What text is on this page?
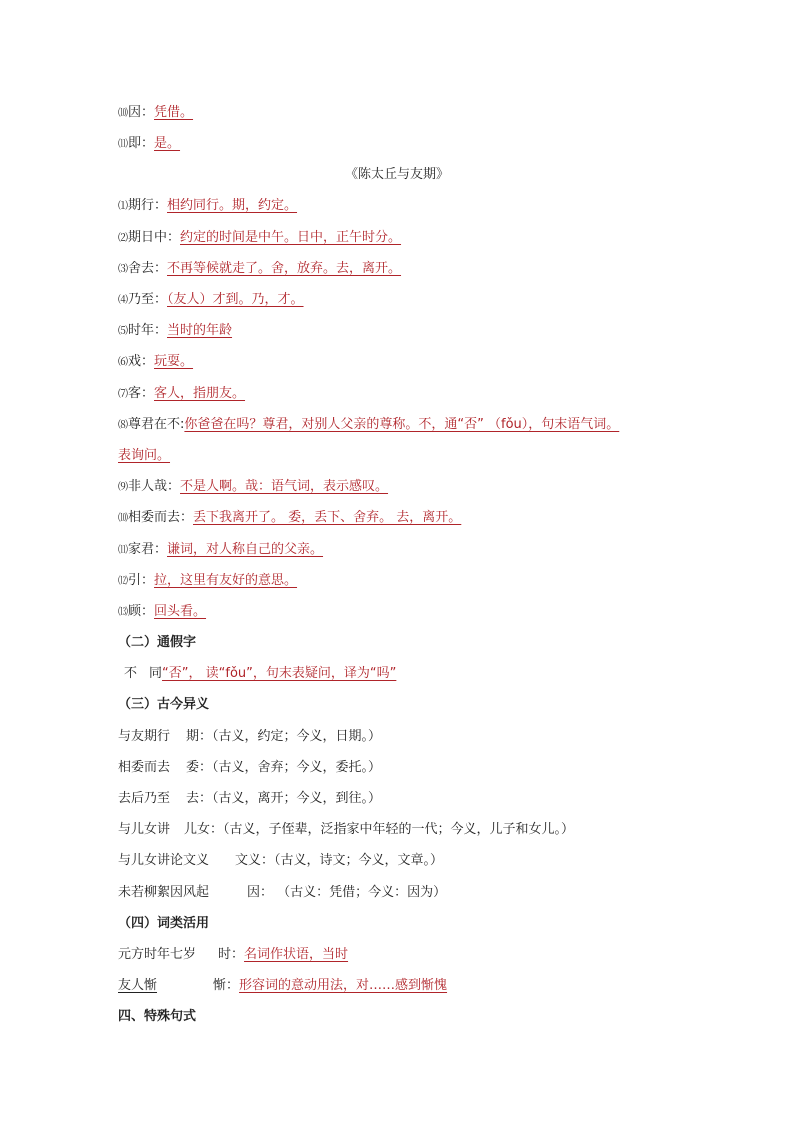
⑽因：凭借。
⑾即：是。
《陈太丘与友期》
⑴期行：相约同行。期，约定。
⑵期日中：约定的时间是中午。日中，正午时分。
⑶舍去：不再等候就走了。舍，放弃。去，离开。
⑷乃至：（友人）才到。乃，才。
⑸时年：当时的年龄
⑹戏：玩耍。
⑺客：客人，指朋友。
⑻尊君在不:你爸爸在吗？尊君，对别人父亲的尊称。不，通“否” （fǒu），句末语气词。
表询问。
⑼非人哉：不是人啊。哉：语气词，表示感叹。
⑽相委而去：丢下我离开了。 委，丢下、舍弃。 去，离开。
⑾家君：谦词，对人称自己的父亲。
⑿引：拉，这里有友好的意思。
⒀顾：回头看。
（二）通假字
不 同“否”， 读“fǒu”，句末表疑问，译为“吗”
（三）古今异义
与友期行 期：（古义，约定；今义，日期。）
相委而去 委：（古义，舍弃；今义，委托。）
去后乃至 去：（古义，离开；今义，到往。）
与儿女讲 儿女：（古义，子侄辈，泛指家中年轻的一代；今义，儿子和女儿。）
与儿女讲论文义 文义：（古义，诗文；今义，文章。）
未若柳絮因风起	因： （古义：凭借；今义：因为）
（四）词类活用
元方时年七岁 时：名词作状语，当时
友人惭	惭：形容词的意动用法，对……感到惭愧
四、特殊句式
